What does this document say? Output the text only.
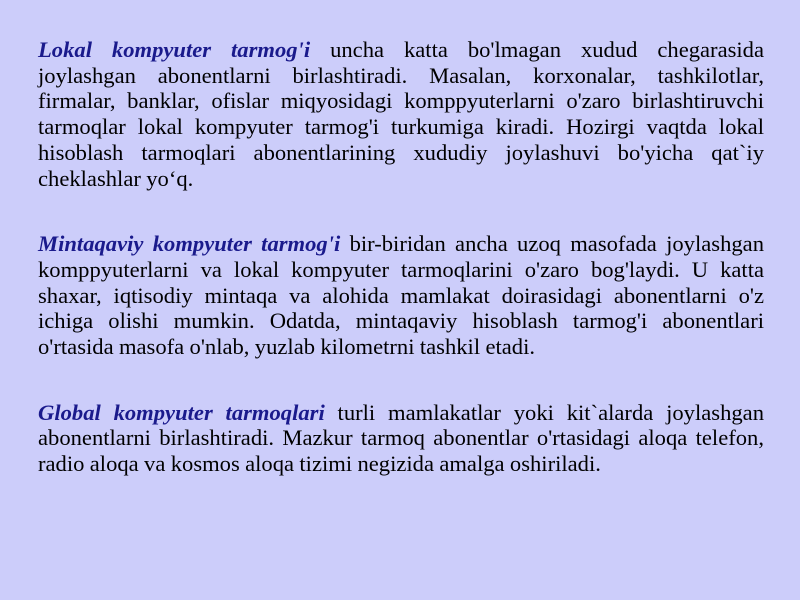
Lokal kompyuter tarmog'i uncha katta bo'lmagan xudud chegarasida joylashgan abonentlarni birlashtiradi. Masalan, korxonalar, tashkilotlar, firmalar, banklar, ofislar miqyosidagi komppyuterlarni o'zaro birlashtiruvchi tarmoqlar lokal kompyuter tarmog'i turkumiga kiradi. Hozirgi vaqtda lokal hisoblash tarmoqlari abonentlarining xududiy joylashuvi bo'yicha qat`iy cheklashlar yo‘q.

Mintaqaviy kompyuter tarmog'i bir-biridan ancha uzoq masofada joylashgan komppyuterlarni va lokal kompyuter tarmoqlarini o'zaro bog'laydi. U katta shaxar, iqtisodiy mintaqa va alohida mamlakat doirasidagi abonentlarni o'z ichiga olishi mumkin. Odatda, mintaqaviy hisoblash tarmog'i abonentlari o'rtasida masofa o'nlab, yuzlab kilometrni tashkil etadi.

Global kompyuter tarmoqlari turli mamlakatlar yoki kit`alarda joylashgan abonentlarni birlashtiradi. Mazkur tarmoq abonentlar o'rtasidagi aloqa telefon, radio aloqa va kosmos aloqa tizimi negizida amalga oshiriladi.
